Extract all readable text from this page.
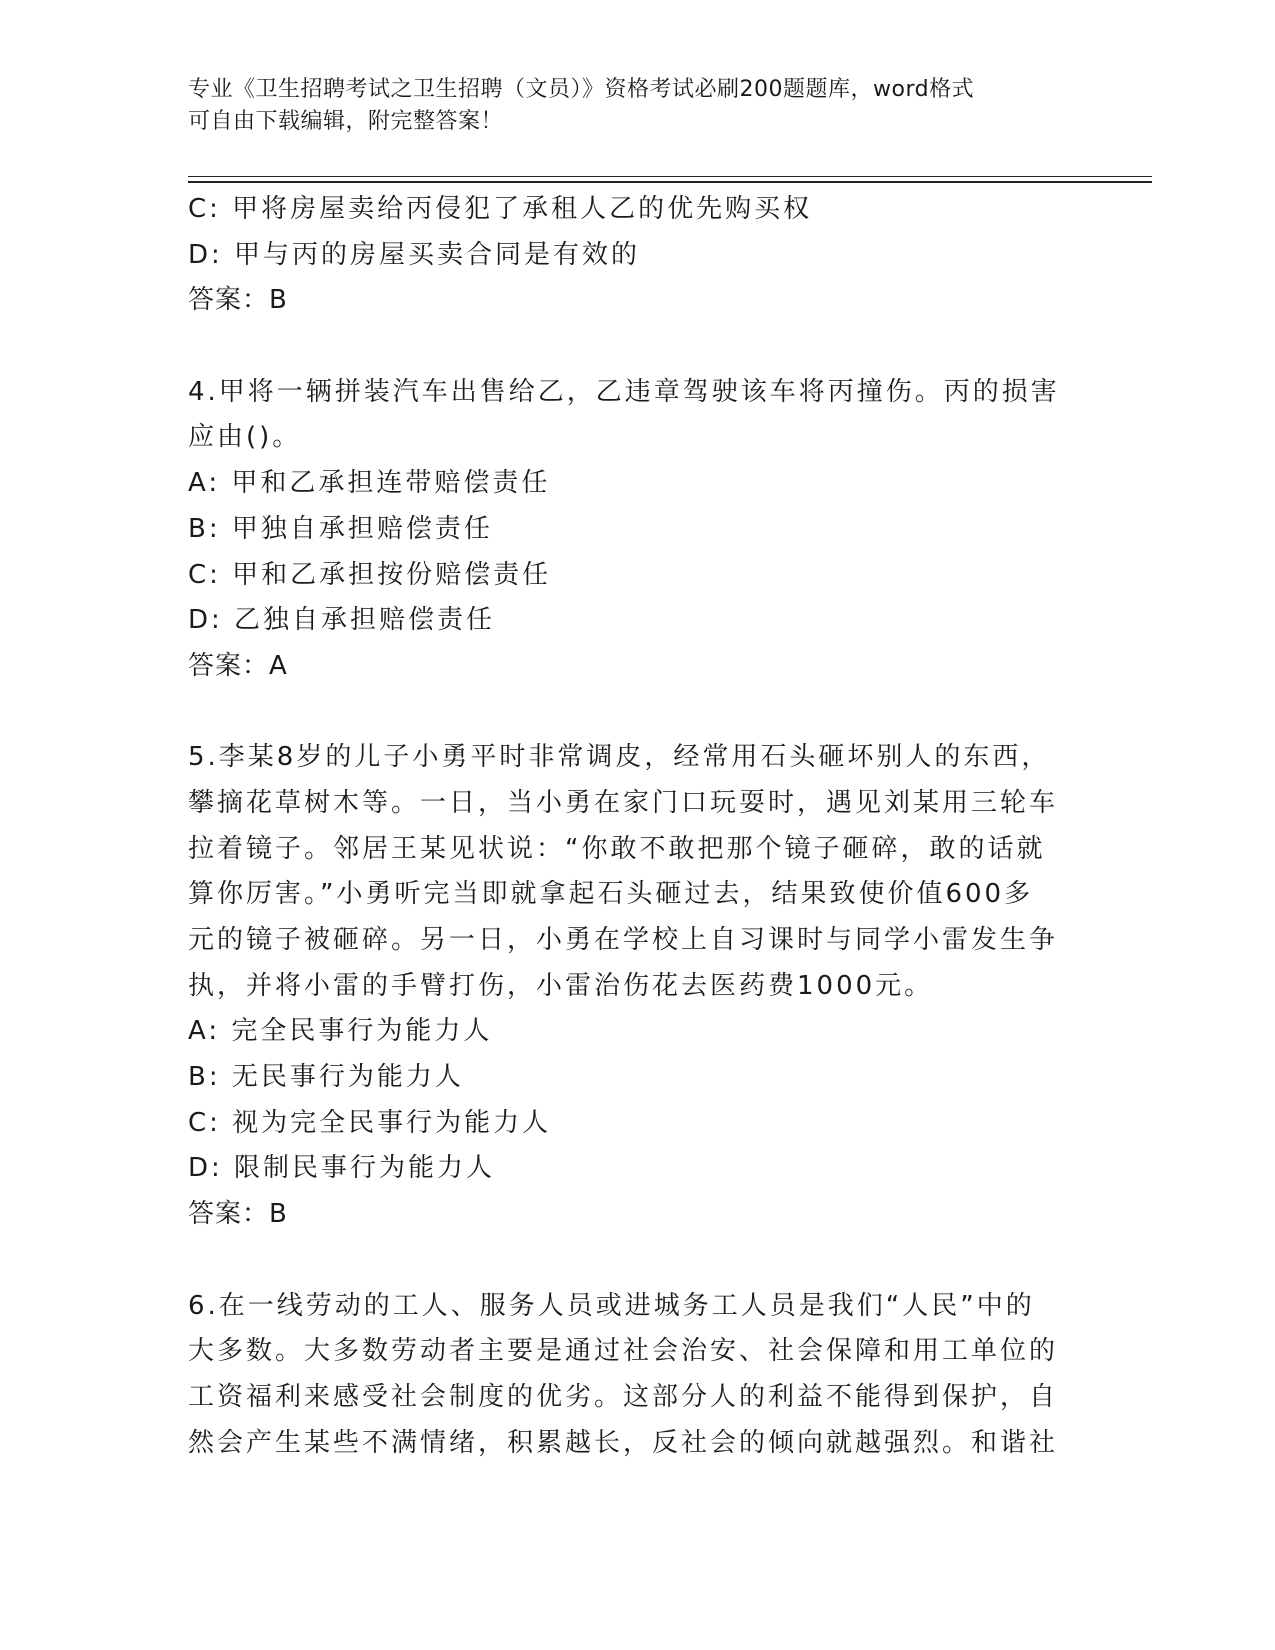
专业《卫生招聘考试之卫生招聘（文员）》资格考试必刷200题题库，word格式
可自由下载编辑，附完整答案！
C: 甲将房屋卖给丙侵犯了承租人乙的优先购买权
D: 甲与丙的房屋买卖合同是有效的
答案：B
4.甲将一辆拼装汽车出售给乙，乙违章驾驶该车将丙撞伤。丙的损害
应由()。
A: 甲和乙承担连带赔偿责任
B: 甲独自承担赔偿责任
C: 甲和乙承担按份赔偿责任
D: 乙独自承担赔偿责任
答案：A
5.李某8岁的儿子小勇平时非常调皮，经常用石头砸坏别人的东西，
攀摘花草树木等。一日，当小勇在家门口玩耍时，遇见刘某用三轮车
拉着镜子。邻居王某见状说：“你敢不敢把那个镜子砸碎，敢的话就
算你厉害。”小勇听完当即就拿起石头砸过去，结果致使价值600多
元的镜子被砸碎。另一日，小勇在学校上自习课时与同学小雷发生争
执，并将小雷的手臂打伤，小雷治伤花去医药费1000元。
A: 完全民事行为能力人
B: 无民事行为能力人
C: 视为完全民事行为能力人
D: 限制民事行为能力人
答案：B
6.在一线劳动的工人、服务人员或进城务工人员是我们“人民”中的
大多数。大多数劳动者主要是通过社会治安、社会保障和用工单位的
工资福利来感受社会制度的优劣。这部分人的利益不能得到保护，自
然会产生某些不满情绪，积累越长，反社会的倾向就越强烈。和谐社
